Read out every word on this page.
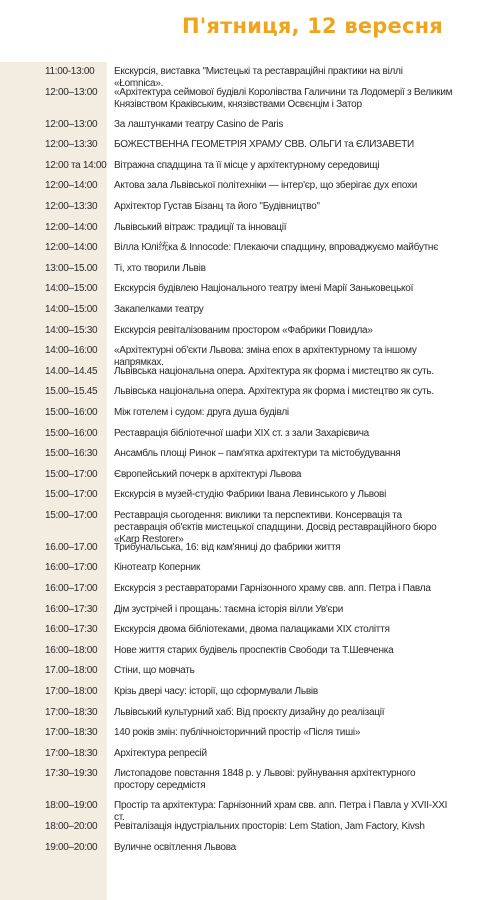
П'ятниця, 12 вересня
11:00-13:00	Екскурсія, виставка "Мистецькі та реставраційні практики на віллі «Łomnica».
12:00–13:00	«Архітектура сеймової будівлі Королівства Галичини та Лодомерії з Великим Князівством Краківським, князівствами Освєнцім і Затор
12:00–13:00	За лаштунками театру Casino de Paris
12:00–13:30	БОЖЕСТВЕННА ГЕОМЕТРІЯ ХРАМУ СВВ. ОЛЬГИ та ЄЛИЗАВЕТИ
12:00 та 14:00 Вітражна спадщина та її місце у архітектурному середовищі
12:00–14:00	Актова зала Львівської політехніки — інтер'єр, що зберігає дух епохи
12:00–13:30	Архітектор Густав Бізанц та його "Будівництво"
12:00–14:00	Львівський вітраж: традиції та інновації
12:00–14:00	Вілла Юлі统ка & Innocode: Плекаючи спадщину, впроваджуємо майбутнє
13:00–15.00	Ті, хто творили Львів
14:00–15:00	Екскурсія будівлею Національного театру імені Марії Заньковецької
14:00–15:00	Закапелками театру
14:00–15:30	Екскурсія ревіталізованим простором «Фабрики Повидла»
14:00–16:00	«Архітектурні об'єкти Львова: зміна епох в архітектурному та іншому напрямках.
14.00–14.45	Львівська національна опера. Архітектура як форма і мистецтво як суть.
15.00–15.45	Львівська національна опера. Архітектура як форма і мистецтво як суть.
15:00–16:00	Між готелем і судом: друга душа будівлі
15:00–16:00	Реставрація бібліотечної шафи XIX ст. з зали Захарієвича
15:00–16:30	Ансамбль площі Ринок – пам'ятка архітектури та містобудування
15:00–17:00	Європейський почерк в архітектурі Львова
15:00–17:00	Екскурсія в музей-студію Фабрики Івана Левинського у Львові
15:00–17:00	Реставрація сьогодення: виклики та перспективи. Консервація та реставрація об'єктів мистецької спадщини. Досвід реставраційного бюро «Karp Restorer»
16.00–17.00	Трибунальська, 16: від кам'яниці до фабрики життя
16:00–17:00	Кінотеатр Коперник
16:00–17:00	Екскурсія з реставраторами Гарнізонного храму свв. апп. Петра і Павла
16:00–17:30	Дім зустрічей і прощань: таємна історія вілли Ув'єри
16:00–17:30	Екскурсія двома бібліотеками, двома палациками XIX століття
16:00–18:00	Нове життя старих будівель проспектів Свободи та Т.Шевченка
17.00–18:00	Стіни, що мовчать
17:00–18:00	Крізь двері часу: історії, що сформували Львів
17:00–18:30	Львівський культурний хаб: Від проєкту дизайну до реалізації
17:00–18:30	140 років змін: публічноісторичний простір «Після тиші»
17:00–18:30	Архітектура репресій
17:30–19:30	Листопадове повстання 1848 р. у Львові: руйнування архітектурного простору середмістя
18:00–19:00	Простір та архітектура: Гарнізонний храм свв. апп. Петра і Павла у XVII-XXI ст.
18:00–20:00	Ревіталізація індустріальних просторів: Lem Station, Jam Factory, Kivsh
19:00–20:00	Вуличне освітлення Львова
